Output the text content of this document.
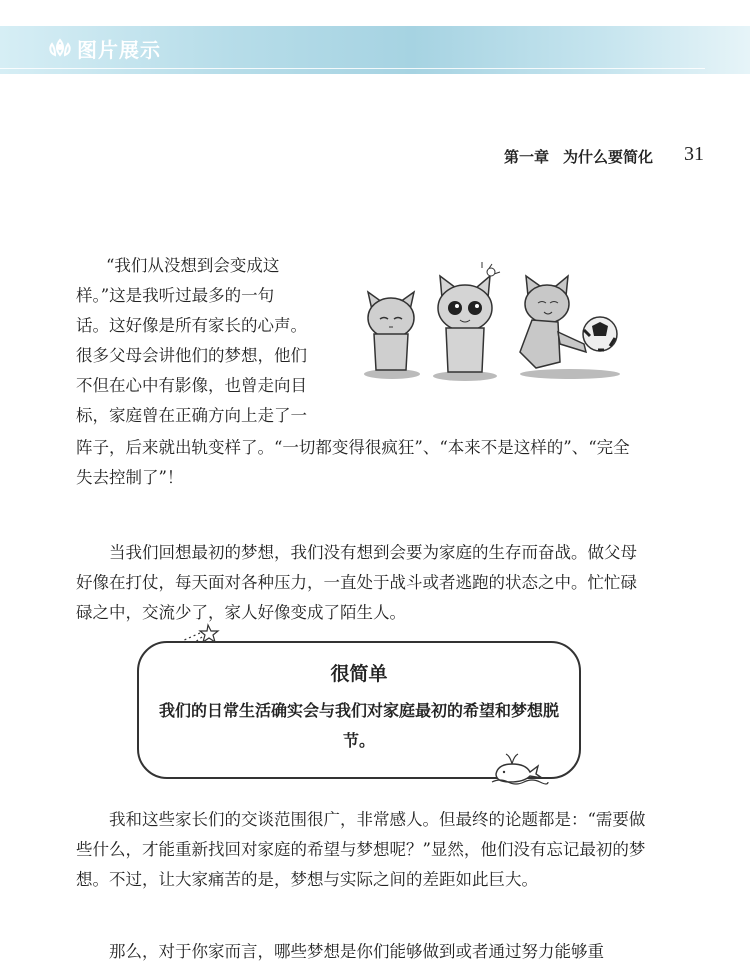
图片展示
第一章 为什么要简化 31
“我们从没想到会变成这
样。”这是我听过最多的一句
话。这好像是所有家长的心声。
很多父母会讲他们的梦想，他们
不但在心中有影像，也曾走向目
标，家庭曾在正确方向上走了一
阵子，后来就出轨变样了。“一切都变得很疯狂”、“本来不是这样的”、“完全失去控制了”！
当我们回想最初的梦想，我们没有想到会要为家庭的生存而奋战。做父母好像在打仗，每天面对各种压力，一直处于战斗或者逃跑的状态之中。忙忙碌碌之中，交流少了，家人好像变成了陌生人。
很简单
我们的日常生活确实会与我们对家庭最初的希望和梦想脱节。
我和这些家长们的交谈范围很广，非常感人。但最终的论题都是：“需要做些什么，才能重新找回对家庭的希望与梦想呢？”显然，他们没有忘记最初的梦想。不过，让大家痛苦的是，梦想与实际之间的差距如此巨大。
那么，对于你家而言，哪些梦想是你们能够做到或者通过努力能够重
